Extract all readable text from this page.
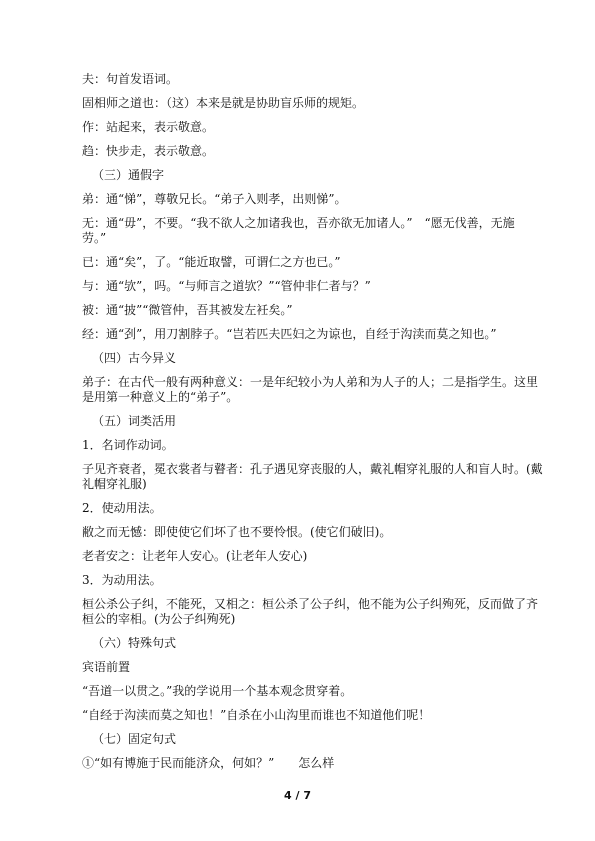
夫：句首发语词。
固相师之道也：（这）本来是就是协助盲乐师的规矩。
作：站起来，表示敬意。
趋：快步走，表示敬意。
（三）通假字
弟：通“悌”，尊敬兄长。“弟子入则孝，出则悌”。
无：通“毋”，不要。“我不欲人之加诸我也，吾亦欲无加诸人。”　“愿无伐善，无施
劳。”
已：通“矣”，了。“能近取譬，可谓仁之方也已。”
与：通“欤”，吗。“与师言之道欤？”“管仲非仁者与？”
被：通“披”“微管仲，吾其被发左衽矣。”
经：通“刭”，用刀割脖子。“岂若匹夫匹妇之为谅也，自经于沟渎而莫之知也。”
（四）古今异义
弟子：在古代一般有两种意义：一是年纪较小为人弟和为人子的人；二是指学生。这里
是用第一种意义上的“弟子”。
（五）词类活用
1．名词作动词。
子见齐衰者，冕衣裳者与瞽者：孔子遇见穿丧服的人，戴礼帽穿礼服的人和盲人时。(戴
礼帽穿礼服)
2．使动用法。
敝之而无憾：即使使它们坏了也不要怜恨。(使它们破旧)。
老者安之：让老年人安心。(让老年人安心)
3．为动用法。
桓公杀公子纠，不能死，又相之：桓公杀了公子纠，他不能为公子纠殉死，反而做了齐
桓公的宰相。(为公子纠殉死)
（六）特殊句式
宾语前置
“吾道一以贯之。”我的学说用一个基本观念贯穿着。
“自经于沟渎而莫之知也！”自杀在小山沟里而谁也不知道他们呢！
（七）固定句式
①“如有博施于民而能济众，何如？”　　怎么样
4 / 7
